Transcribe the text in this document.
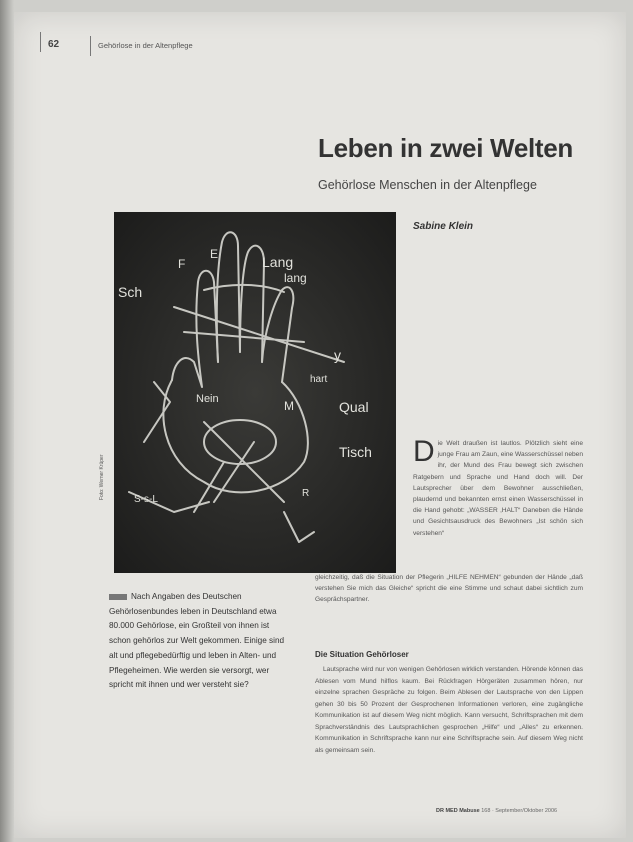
62	Gehörlose in der Altenpflege
Leben in zwei Welten
Gehörlose Menschen in der Altenpflege
Sabine Klein
Sch
Lang
lang
y
Qual
Tisch
Nein
F
E
hart
M
S-s-L
R
Foto: Werner Krüper

Nach Angaben des Deutschen Gehörlosenbundes leben in Deutschland etwa 80.000 Gehörlose, ein Großteil von ihnen ist schon gehörlos zur Welt gekommen. Einige sind alt und pflegebedürftig und leben in Alten- und Pflegeheimen. Wie werden sie versorgt, wer spricht mit ihnen und wer versteht sie?

Die Welt draußen ist lautlos. Plötzlich sieht eine junge Frau am Zaun, eine Wasserschüssel neben ihr, der Mund des Frau bewegt sich zwischen Ratgebern und Sprache und Hand doch will. Der Lautsprecher über dem Bewohner ausschließen, plaudernd und bekannten ernst einen Wasserschüssel in die Hand gehobt: „WASSER ‚HALT“ Daneben die Hände und Gesichtsausdruck des Bewohners „Ist schön sich verstehen“

gleichzeitig, daß die Situation der Pflegerin „HILFE NEHMEN“ gebunden der Hände „daß verstehen Sie mich das Gleiche“ spricht die eine Stimme und schaut dabei sichtlich zum Gesprächspartner.

Die Situation Gehörloser

Lautsprache wird nur von wenigen Gehörlosen wirklich verstanden. Hörende können das Ablesen vom Mund hilflos kaum. Bei Rückfragen Hörgeräten zusammen hören, nur einzelne sprachen Gespräche zu folgen. Beim Ablesen der Lautsprache von den Lippen gehen 30 bis 50 Prozent der Gesprochenen Informationen verloren, eine zugängliche Kommunikation ist auf diesem Weg nicht möglich. Kann versucht, Schriftsprachen mit dem Sprachverständnis des Lautsprachlichen gesprochen „Hilfe“ und „Alles“ zu erkennen. Kommunikation in Schriftsprache kann nur eine Schriftsprache sein. Auf diesem Weg nicht als gemeinsam sein.

DR MED Mabuse 168 · September/Oktober 2006
